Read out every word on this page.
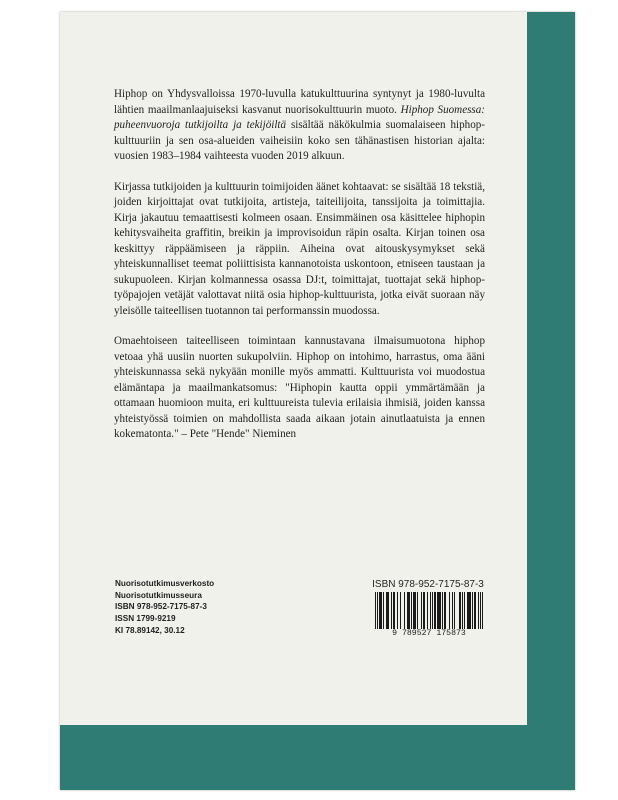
Hiphop on Yhdysvalloissa 1970-luvulla katukulttuurina syntynyt ja 1980-luvulta lähtien maailmanlaajuiseksi kasvanut nuorisokulttuurin muoto. Hiphop Suomessa: puheenvuoroja tutkijoilta ja tekijöiltä sisältää näkökulmia suomalaiseen hiphop-kulttuuriin ja sen osa-alueiden vaiheisiin koko sen tähänastisen historian ajalta: vuosien 1983–1984 vaihteesta vuoden 2019 alkuun.

Kirjassa tutkijoiden ja kulttuurin toimijoiden äänet kohtaavat: se sisältää 18 tekstiä, joiden kirjoittajat ovat tutkijoita, artisteja, taiteilijoita, tanssijoita ja toimittajia. Kirja jakautuu temaattisesti kolmeen osaan. Ensimmäinen osa käsittelee hiphopin kehitysvaiheita graffitin, breikin ja improvisoidun räpin osalta. Kirjan toinen osa keskittyy räppäämiseen ja räppiin. Aiheina ovat aitouskysymykset sekä yhteiskunnalliset teemat poliittisista kannanotoista uskontoon, etniseen taustaan ja sukupuoleen. Kirjan kolmannessa osassa DJ:t, toimittajat, tuottajat sekä hiphop-työpajojen vetäjät valottavat niitä osia hiphop-kulttuurista, jotka eivät suoraan näy yleisölle taiteellisen tuotannon tai performanssin muodossa.

Omaehtoiseen taiteelliseen toimintaan kannustavana ilmaisumuotona hiphop vetoaa yhä uusiin nuorten sukupolviin. Hiphop on intohimo, harrastus, oma ääni yhteiskunnassa sekä nykyään monille myös ammatti. Kulttuurista voi muodostua elämäntapa ja maailmankatsomus: "Hiphopin kautta oppii ymmärtämään ja ottamaan huomioon muita, eri kulttuureista tulevia erilaisia ihmisiä, joiden kanssa yhteistyössä toimien on mahdollista saada aikaan jotain ainutlaatuista ja ennen kokematonta." – Pete "Hende" Nieminen

Nuorisotutkimusverkosto
Nuorisotutkimusseura
ISBN 978-952-7175-87-3
ISSN 1799-9219
KI 78.89142, 30.12
ISBN 978-952-7175-87-3
9 789527 175873
